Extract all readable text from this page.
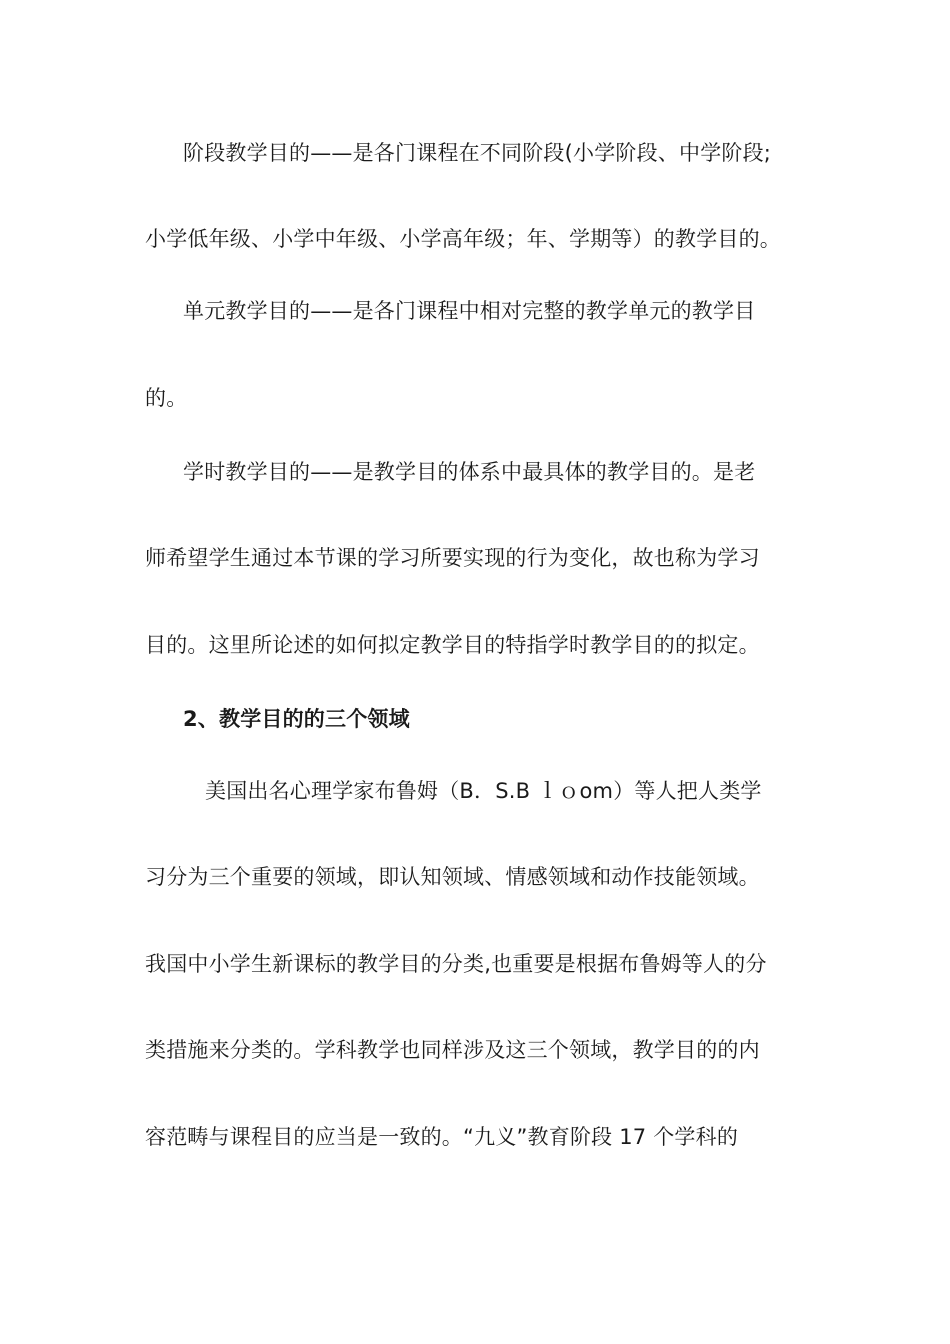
阶段教学目的——是各门课程在不同阶段(小学阶段、中学阶段;
小学低年级、小学中年级、小学高年级；年、学期等）的教学目的。
单元教学目的——是各门课程中相对完整的教学单元的教学目
的。
学时教学目的——是教学目的体系中最具体的教学目的。是老
师希望学生通过本节课的学习所要实现的行为变化，故也称为学习
目的。这里所论述的如何拟定教学目的特指学时教学目的的拟定。
2、教学目的的三个领域
美国出名心理学家布鲁姆（B．S.B ｌｏom）等人把人类学
习分为三个重要的领域，即认知领域、情感领域和动作技能领域。
我国中小学生新课标的教学目的分类,也重要是根据布鲁姆等人的分
类措施来分类的。学科教学也同样涉及这三个领域，教学目的的内
容范畴与课程目的应当是一致的。“九义”教育阶段 17 个学科的
